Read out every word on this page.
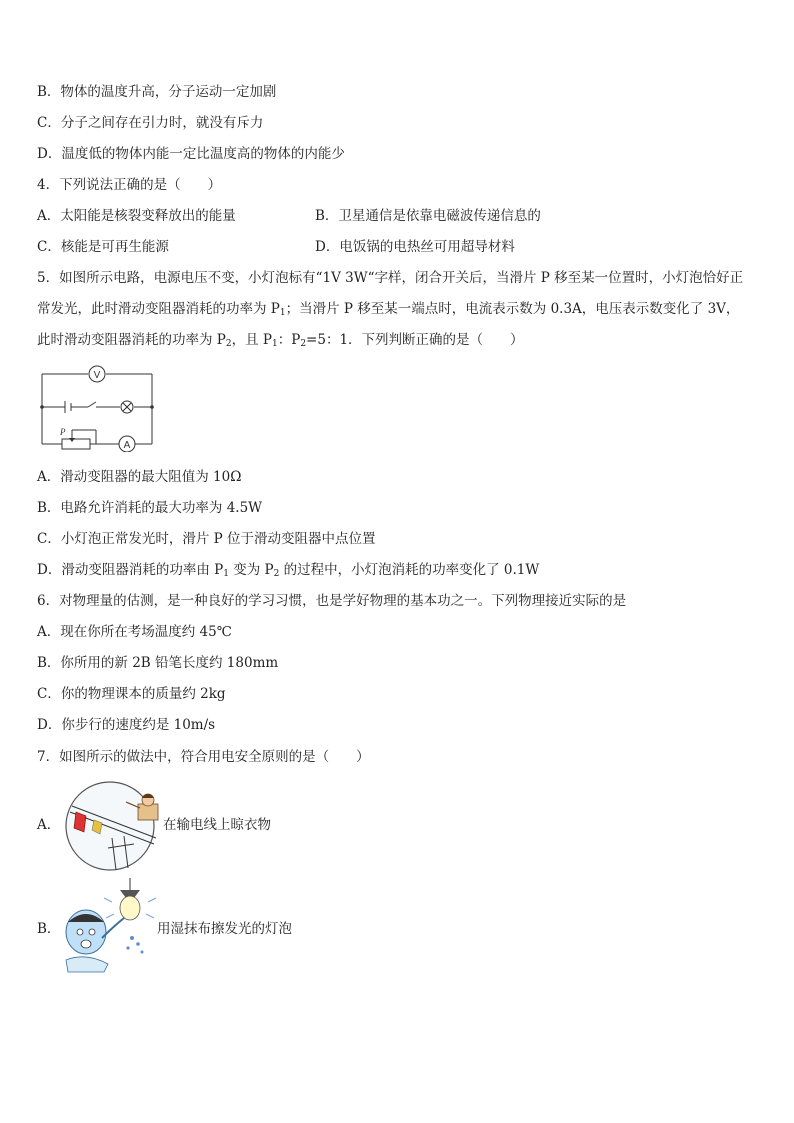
B．物体的温度升高，分子运动一定加剧
C．分子之间存在引力时，就没有斥力
D．温度低的物体内能一定比温度高的物体的内能少
4．下列说法正确的是（　　）
A．太阳能是核裂变释放出的能量	B．卫星通信是依靠电磁波传递信息的
C．核能是可再生能源	D．电饭锅的电热丝可用超导材料
5．如图所示电路，电源电压不变，小灯泡标有“1V 3W“字样，闭合开关后，当滑片 P 移至某一位置时，小灯泡恰好正
常发光，此时滑动变阻器消耗的功率为 $P_1$；当滑片 P 移至某一端点时，电流表示数为 0.3A，电压表示数变化了 3V，
此时滑动变阻器消耗的功率为 $P_2$，且 $P_1$：$P_2=5$：1．下列判断正确的是（　　）
V
A
P
A．滑动变阻器的最大阻值为 10Ω
B．电路允许消耗的最大功率为 4.5W
C．小灯泡正常发光时，滑片 P 位于滑动变阻器中点位置
D．滑动变阻器消耗的功率由 $P_1$ 变为 $P_2$ 的过程中，小灯泡消耗的功率变化了 0.1W
6．对物理量的估测，是一种良好的学习习惯，也是学好物理的基本功之一。下列物理接近实际的是
A．现在你所在考场温度约 45℃
B．你所用的新 2B 铅笔长度约 180mm
C．你的物理课本的质量约 2kg
D．你步行的速度约是 10m/s
7．如图所示的做法中，符合用电安全原则的是（　　）
A．	在输电线上晾衣物
B．	用湿抹布擦发光的灯泡
